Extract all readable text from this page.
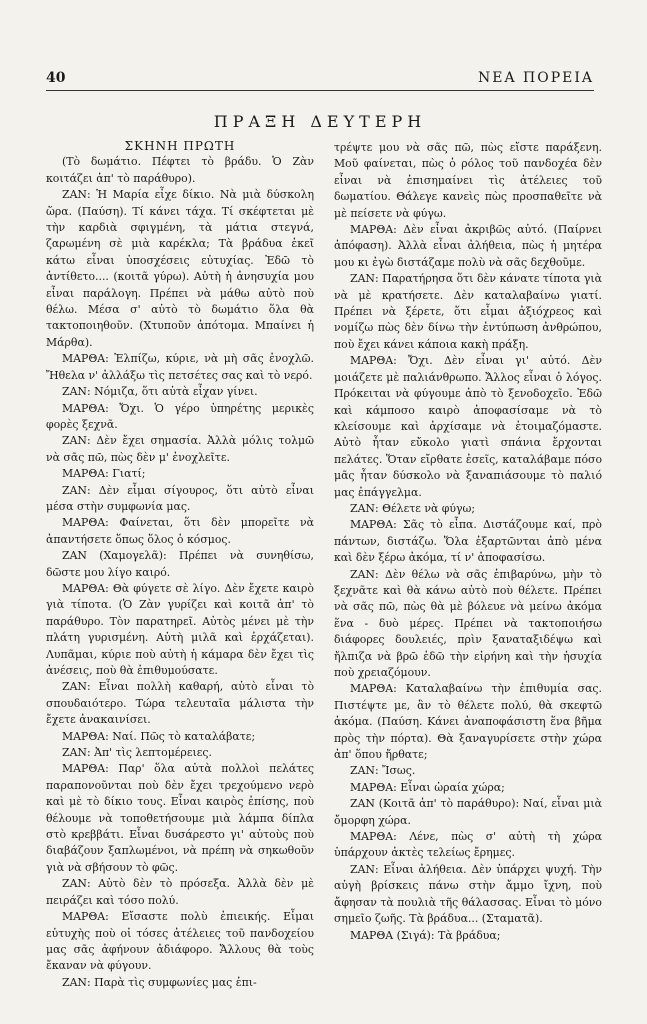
40	ΝΕΑ ΠΟΡΕΙΑ
ΠΡΑΞΗ ΔΕΥΤΕΡΗ

ΣΚΗΝΗ ΠΡΩΤΗ

(Τὸ δωμάτιο. Πέφτει τὸ βράδυ. Ὁ Ζὰν κοιτάζει ἀπ' τὸ παράθυρο).

ΖΑΝ: Ἡ Μαρία εἶχε δίκιο. Νὰ μιὰ δύσκολη ὥρα. (Παύση). Τί κάνει τάχα. Τί σκέφτεται μὲ τὴν καρδιὰ σφιγμένη, τὰ μάτια στεγνά, ζαρωμένη σὲ μιὰ καρέκλα; Τὰ βράδυα ἐκεῖ κάτω εἶναι ὑποσχέσεις εὐτυχίας. Ἐδῶ τὸ ἀντίθετο.... (κοιτᾶ γύρω). Αὐτὴ ἡ ἀνησυχία μου εἶναι παράλογη. Πρέπει νὰ μάθω αὐτὸ ποὺ θέλω. Μέσα σ' αὐτὸ τὸ δωμάτιο ὅλα θὰ τακτοποιηθοῦν. (Χτυποῦν ἀπότομα. Μπαίνει ἡ Μάρθα).

ΜΑΡΘΑ: Ἐλπίζω, κύριε, νὰ μὴ σᾶς ἐνοχλῶ. Ἤθελα ν' ἀλλάξω τὶς πετσέτες σας καὶ τὸ νερό.

ΖΑΝ: Νόμιζα, ὅτι αὐτὰ εἶχαν γίνει.

ΜΑΡΘΑ: Ὄχι. Ὁ γέρο ὑπηρέτης μερικὲς φορὲς ξεχνᾶ.

ΖΑΝ: Δὲν ἔχει σημασία. Ἀλλὰ μόλις τολμῶ νὰ σᾶς πῶ, πὼς δὲν μ' ἐνοχλεῖτε.

ΜΑΡΘΑ: Γιατί;

ΖΑΝ: Δὲν εἶμαι σίγουρος, ὅτι αὐτὸ εἶναι μέσα στὴν συμφωνία μας.

ΜΑΡΘΑ: Φαίνεται, ὅτι δὲν μπορεῖτε νὰ ἀπαντήσετε ὅπως ὅλος ὁ κόσμος.

ΖΑΝ (Χαμογελᾶ): Πρέπει νὰ συνηθίσω, δῶστε μου λίγο καιρό.

ΜΑΡΘΑ: Θὰ φύγετε σὲ λίγο. Δὲν ἔχετε καιρὸ γιὰ τίποτα. (Ὁ Ζὰν γυρίζει καὶ κοιτᾶ ἀπ' τὸ παράθυρο. Τὸν παρατηρεῖ. Αὐτὸς μένει μὲ τὴν πλάτη γυρισμένη. Αὐτὴ μιλᾶ καὶ ἐρχάζεται). Λυπᾶμαι, κύριε ποὺ αὐτὴ ἡ κάμαρα δὲν ἔχει τὶς ἀνέσεις, ποὺ θὰ ἐπιθυμούσατε.

ΖΑΝ: Εἶναι πολλὴ καθαρή, αὐτὸ εἶναι τὸ σπουδαιότερο. Τώρα τελευταῖα μάλιστα τὴν ἔχετε ἀνακαινίσει.

ΜΑΡΘΑ: Ναί. Πῶς τὸ καταλάβατε;

ΖΑΝ: Ἀπ' τὶς λεπτομέρειες.

ΜΑΡΘΑ: Παρ' ὅλα αὐτὰ πολλοὶ πελάτες παραπονοῦνται ποὺ δὲν ἔχει τρεχούμενο νερὸ καὶ μὲ τὸ δίκιο τους. Εἶναι καιρὸς ἐπίσης, ποὺ θέλουμε νὰ τοποθετήσουμε μιὰ λάμπα δίπλα στὸ κρεββάτι. Εἶναι δυσάρεστο γι' αὐτοὺς ποὺ διαβάζουν ξαπλωμένοι, νὰ πρέπη νὰ σηκωθοῦν γιὰ νὰ σβήσουν τὸ φῶς.

ΖΑΝ: Αὐτὸ δὲν τὸ πρόσεξα. Ἀλλὰ δὲν μὲ πειράζει καὶ τόσο πολύ.

ΜΑΡΘΑ: Εἴσαστε πολὺ ἐπιεικής. Εἶμαι εὐτυχὴς ποὺ οἱ τόσες ἀτέλειες τοῦ πανδοχείου μας σᾶς ἀφήνουν ἀδιάφορο. Ἄλλους θὰ τοὺς ἔκαναν νὰ φύγουν.

ΖΑΝ: Παρὰ τὶς συμφωνίες μας ἐπι-

τρέψτε μου νὰ σᾶς πῶ, πὼς εἴστε παράξενη. Μοῦ φαίνεται, πὼς ὁ ρόλος τοῦ πανδοχέα δὲν εἶναι νὰ ἐπισημαίνει τὶς ἀτέλειες τοῦ δωματίου. Θάλεγε κανεὶς πὼς προσπαθεῖτε νὰ μὲ πείσετε νὰ φύγω.

ΜΑΡΘΑ: Δὲν εἶναι ἀκριβῶς αὐτό. (Παίρνει ἀπόφαση). Ἀλλὰ εἶναι ἀλήθεια, πὼς ἡ μητέρα μου κι ἐγὼ διστάζαμε πολὺ νὰ σᾶς δεχθοῦμε.

ΖΑΝ: Παρατήρησα ὅτι δὲν κάνατε τίποτα γιὰ νὰ μὲ κρατήσετε. Δὲν καταλαβαίνω γιατί. Πρέπει νὰ ξέρετε, ὅτι εἶμαι ἀξιόχρεος καὶ νομίζω πὼς δὲν δίνω τὴν ἐντύπωση ἀνθρώπου, ποὺ ἔχει κάνει κάποια κακὴ πράξη.

ΜΑΡΘΑ: Ὄχι. Δὲν εἶναι γι' αὐτό. Δὲν μοιάζετε μὲ παλιάνθρωπο. Ἄλλος εἶναι ὁ λόγος. Πρόκειται νὰ φύγουμε ἀπὸ τὸ ξενοδοχεῖο. Ἐδῶ καὶ κάμποσο καιρὸ ἀποφασίσαμε νὰ τὸ κλείσουμε καὶ ἀρχίσαμε νὰ ἑτοιμαζόμαστε. Αὐτὸ ἦταν εὔκολο γιατὶ σπάνια ἔρχονται πελάτες. Ὅταν εἴρθατε ἐσεῖς, καταλάβαμε πόσο μᾶς ἦταν δύσκολο νὰ ξαναπιάσουμε τὸ παλιό μας ἐπάγγελμα.

ΖΑΝ: Θέλετε νὰ φύγω;

ΜΑΡΘΑ: Σᾶς τὸ εἶπα. Διστάζουμε καί, πρὸ πάντων, διστάζω. Ὅλα ἐξαρτῶνται ἀπὸ μένα καὶ δὲν ξέρω ἀκόμα, τί ν' ἀποφασίσω.

ΖΑΝ: Δὲν θέλω νὰ σᾶς ἐπιβαρύνω, μὴν τὸ ξεχνᾶτε καὶ θὰ κάνω αὐτὸ ποὺ θέλετε. Πρέπει νὰ σᾶς πῶ, πὼς θὰ μὲ βόλευε νὰ μείνω ἀκόμα ἕνα - δυὸ μέρες. Πρέπει νὰ τακτοποιήσω διάφορες δουλειές, πρὶν ξαναταξιδέψω καὶ ἤλπιζα νὰ βρῶ ἐδῶ τὴν εἰρήνη καὶ τὴν ἡσυχία ποὺ χρειαζόμουν.

ΜΑΡΘΑ: Καταλαβαίνω τὴν ἐπιθυμία σας. Πιστέψτε με, ἂν τὸ θέλετε πολύ, θὰ σκεφτῶ ἀκόμα. (Παύση. Κάνει ἀναποφάσιστη ἕνα βῆμα πρὸς τὴν πόρτα). Θὰ ξαναγυρίσετε στὴν χώρα ἀπ' ὅπου ἤρθατε;

ΖΑΝ: Ἴσως.

ΜΑΡΘΑ: Εἶναι ὡραία χώρα;

ΖΑΝ (Κοιτᾶ ἀπ' τὸ παράθυρο): Ναί, εἶναι μιὰ ὄμορφη χώρα.

ΜΑΡΘΑ: Λένε, πὼς σ' αὐτὴ τὴ χώρα ὑπάρχουν ἀκτὲς τελείως ἔρημες.

ΖΑΝ: Εἶναι ἀλήθεια. Δὲν ὑπάρχει ψυχή. Τὴν αὐγὴ βρίσκεις πάνω στὴν ἄμμο ἴχνη, ποὺ ἄφησαν τὰ πουλιὰ τῆς θάλασσας. Εἶναι τὸ μόνο σημεῖο ζωῆς. Τὰ βράδυα... (Σταματᾶ).

ΜΑΡΘΑ (Σιγά): Τὰ βράδυα;
